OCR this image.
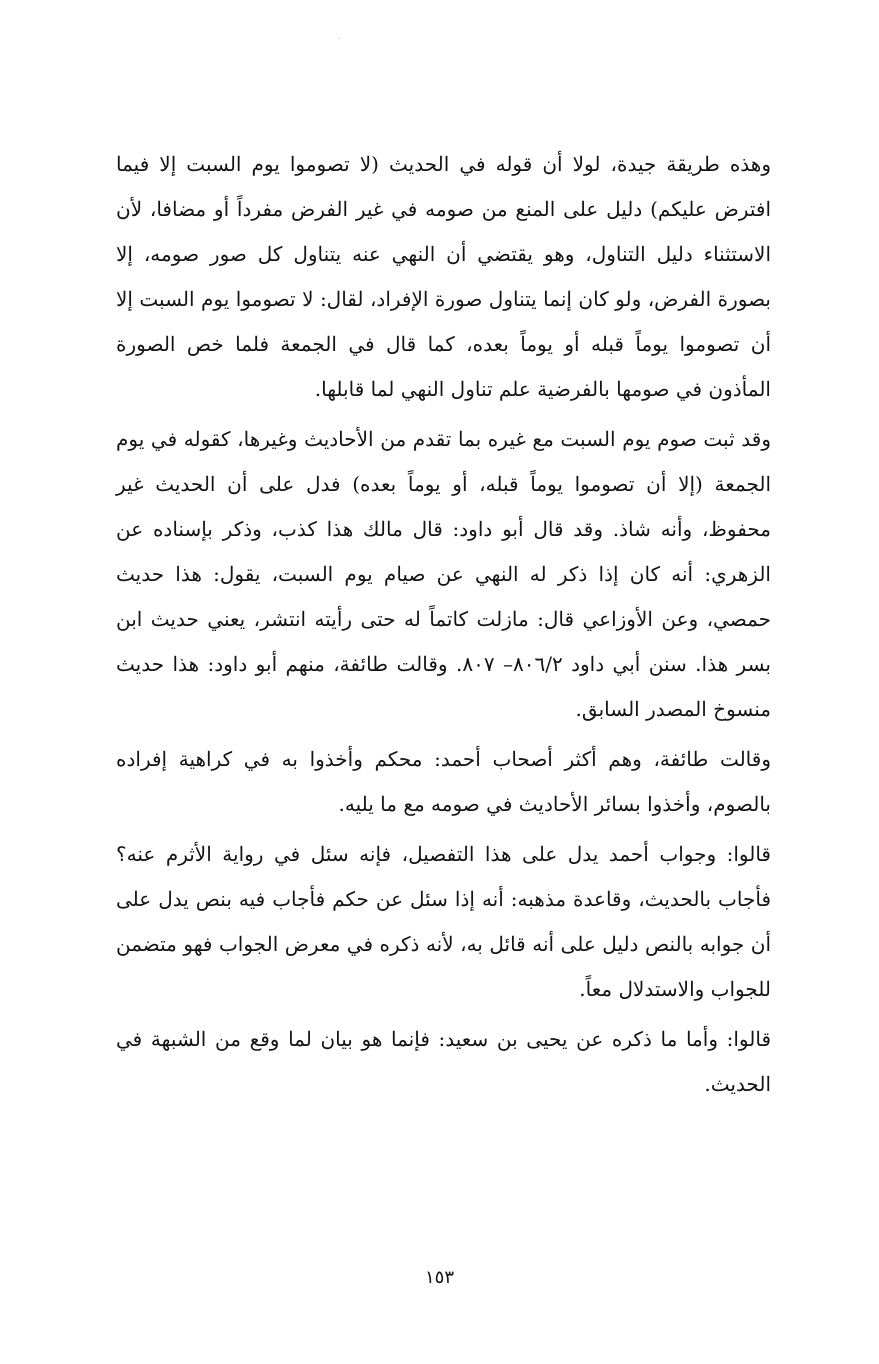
وهذه طريقة جيدة، لولا أن قوله في الحديث (لا تصوموا يوم السبت إلا فيما افترض عليكم) دليل على المنع من صومه في غير الفرض مفرداً أو مضافا، لأن الاستثناء دليل التناول، وهو يقتضي أن النهي عنه يتناول كل صور صومه، إلا بصورة الفرض، ولو كان إنما يتناول صورة الإفراد، لقال: لا تصوموا يوم السبت إلا أن تصوموا يوماً قبله أو يوماً بعده، كما قال في الجمعة فلما خص الصورة المأذون في صومها بالفرضية علم تناول النهي لما قابلها.

وقد ثبت صوم يوم السبت مع غيره بما تقدم من الأحاديث وغيرها، كقوله في يوم الجمعة (إلا أن تصوموا يوماً قبله، أو يوماً بعده) فدل على أن الحديث غير محفوظ، وأنه شاذ. وقد قال أبو داود: قال مالك هذا كذب، وذكر بإسناده عن الزهري: أنه كان إذا ذكر له النهي عن صيام يوم السبت، يقول: هذا حديث حمصي، وعن الأوزاعي قال: مازلت كاتماً له حتى رأيته انتشر، يعني حديث ابن بسر هذا. سنن أبي داود ٨٠٦/٢– ٨٠٧. وقالت طائفة، منهم أبو داود: هذا حديث منسوخ المصدر السابق.

وقالت طائفة، وهم أكثر أصحاب أحمد: محكم وأخذوا به في كراهية إفراده بالصوم، وأخذوا بسائر الأحاديث في صومه مع ما يليه.

قالوا: وجواب أحمد يدل على هذا التفصيل، فإنه سئل في رواية الأثرم عنه؟ فأجاب بالحديث، وقاعدة مذهبه: أنه إذا سئل عن حكم فأجاب فيه بنص يدل على أن جوابه بالنص دليل على أنه قائل به، لأنه ذكره في معرض الجواب فهو متضمن للجواب والاستدلال معاً.

قالوا: وأما ما ذكره عن يحيى بن سعيد: فإنما هو بيان لما وقع من الشبهة في الحديث.

١٥٣
